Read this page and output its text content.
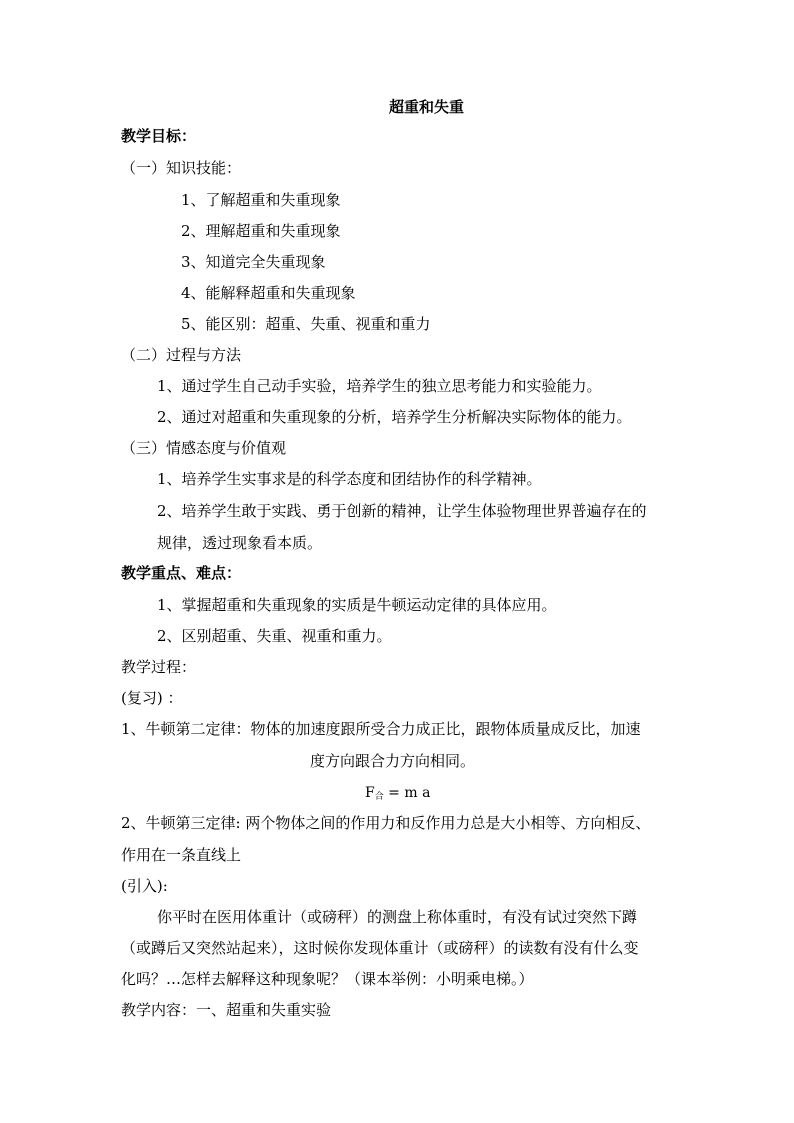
超重和失重
教学目标：
（一）知识技能：
1、了解超重和失重现象
2、理解超重和失重现象
3、知道完全失重现象
4、能解释超重和失重现象
5、能区别：超重、失重、视重和重力
（二）过程与方法
1、通过学生自己动手实验，培养学生的独立思考能力和实验能力。
2、通过对超重和失重现象的分析，培养学生分析解决实际物体的能力。
（三）情感态度与价值观
1、培养学生实事求是的科学态度和团结协作的科学精神。
2、培养学生敢于实践、勇于创新的精神，让学生体验物理世界普遍存在的
规律，透过现象看本质。
教学重点、难点：
1、掌握超重和失重现象的实质是牛顿运动定律的具体应用。
2、区别超重、失重、视重和重力。
教学过程：
(复习) ：
1、牛顿第二定律：物体的加速度跟所受合力成正比，跟物体质量成反比，加速
度方向跟合力方向相同。
$F_合 = m$ a
2、牛顿第三定律: 两个物体之间的作用力和反作用力总是大小相等、方向相反、
作用在一条直线上
(引入):
你平时在医用体重计（或磅秤）的测盘上称体重时，有没有试过突然下蹲
（或蹲后又突然站起来），这时候你发现体重计（或磅秤）的读数有没有什么变
化吗？…怎样去解释这种现象呢？（课本举例：小明乘电梯。）
教学内容：一、超重和失重实验
